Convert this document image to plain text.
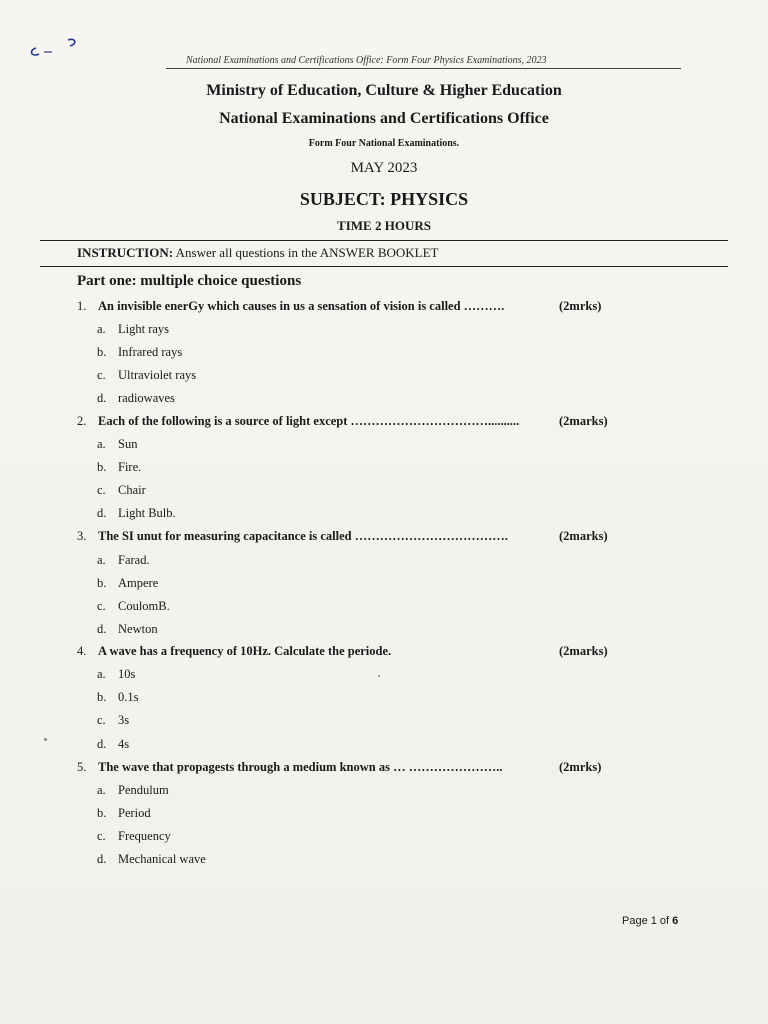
National Examinations and Certifications Office: Form Four Physics Examinations, 2023
Ministry of Education, Culture & Higher Education
National Examinations and Certifications Office
Form Four National Examinations.
MAY 2023
SUBJECT: PHYSICS
TIME 2 HOURS
INSTRUCTION: Answer all questions in the ANSWER BOOKLET
Part one: multiple choice questions
1. An invisible enerGy which causes in us a sensation of vision is called ……….	(2mrks)
a. Light rays
b. Infrared rays
c. Ultraviolet rays
d. radiowaves
2. Each of the following is a source of light except ……………………………..........	(2marks)
a. Sun
b. Fire.
c. Chair
d. Light Bulb.
3. The SI unut for measuring capacitance is called ……………………………….	(2marks)
a. Farad.
b. Ampere
c. CoulomB.
d. Newton
4. A wave has a frequency of 10Hz. Calculate the periode.	(2marks)
a. 10s
b. 0.1s
c. 3s
d. 4s
5. The wave that propagests through a medium known as … …………………..	(2mrks)
a. Pendulum
b. Period
c. Frequency
d. Mechanical wave
Page 1 of 6
